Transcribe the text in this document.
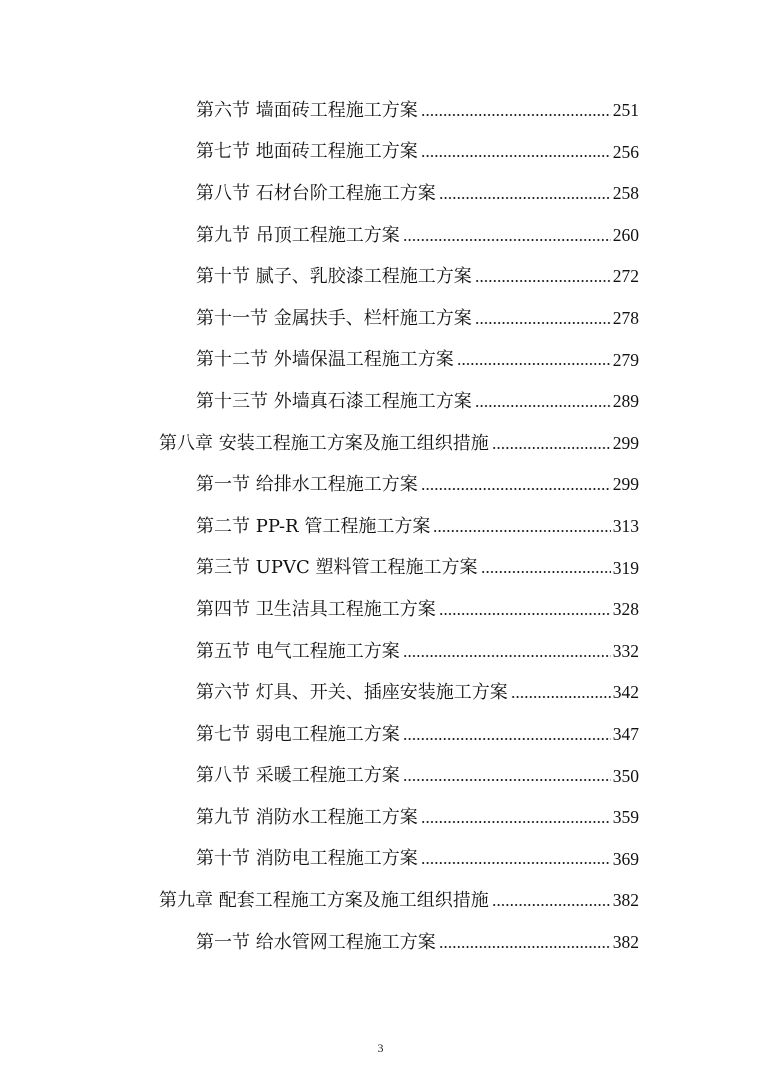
第六节 墙面砖工程施工方案	251
第七节 地面砖工程施工方案	256
第八节 石材台阶工程施工方案	258
第九节 吊顶工程施工方案	260
第十节 腻子、乳胶漆工程施工方案	272
第十一节 金属扶手、栏杆施工方案	278
第十二节 外墙保温工程施工方案	279
第十三节 外墙真石漆工程施工方案	289
第八章 安装工程施工方案及施工组织措施	299
第一节 给排水工程施工方案	299
第二节 PP-R 管工程施工方案	313
第三节 UPVC 塑料管工程施工方案	319
第四节 卫生洁具工程施工方案	328
第五节 电气工程施工方案	332
第六节 灯具、开关、插座安装施工方案	342
第七节 弱电工程施工方案	347
第八节 采暖工程施工方案	350
第九节 消防水工程施工方案	359
第十节 消防电工程施工方案	369
第九章 配套工程施工方案及施工组织措施	382
第一节 给水管网工程施工方案	382
3
